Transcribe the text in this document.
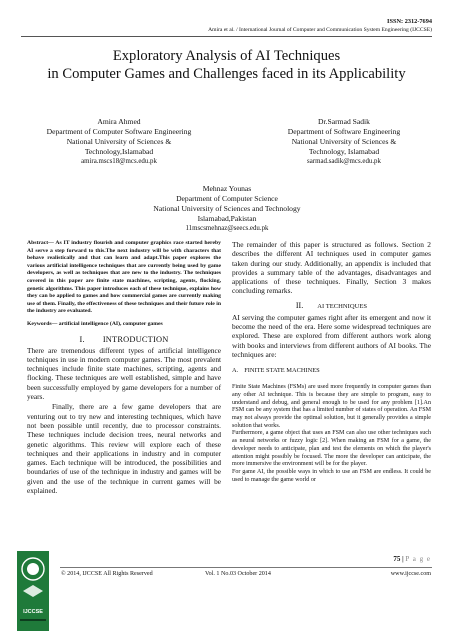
ISSN: 2312-7694
Amira et al. / International Journal of Computer and Communication System Engineering (IJCCSE)
Exploratory Analysis of AI Techniques
in Computer Games and Challenges faced in its Applicability
Amira Ahmed
Department of Computer Software Engineering
National University of Sciences &
Technology,Islamabad
amira.mscs18@mcs.edu.pk
Dr.Sarmad Sadik
Department of Software Engineering
National University of Sciences &
Technology, Islamabad
sarmad.sadik@mcs.edu.pk
Mehnaz Younas
Department of Computer Science
National University of Sciences and Technology
Islamabad,Pakistan
11mscsmehnaz@seecs.edu.pk

Abstract— As IT industry flourish and computer graphics race started hereby AI serve a step forward to this.The next industry will be with characters that behave realistically and that can learn and adapt.This paper explores the various artificial intelligence techniques that are currently being used by game developers, as well as techniques that are new to the industry. The techniques covered in this paper are finite state machines, scripting, agents, flocking, genetic algorithms. This paper introduces each of these technique, explains how they can be applied to games and how commercial games are currently making use of them. Finally, the effectiveness of these techniques and their future role in the industry are evaluated.

Keywords— artificial intelligence (AI), computer games

I. INTRODUCTION

There are tremendous different types of artificial intelligence techniques in use in modern computer games. The most prevalent techniques include finite state machines, scripting, agents and flocking. These techniques are well established, simple and have been successfully employed by game developers for a number of years.

Finally, there are a few game developers that are venturing out to try new and interesting techniques, which have not been possible until recently, due to processor constraints. These techniques include decision trees, neural networks and genetic algorithms. This review will explore each of these techniques and their applications in industry and in computer games. Each technique will be introduced, the possibilities and boundaries of use of the technique in industry and games will be given and the use of the technique in current games will be explained.

The remainder of this paper is structured as follows. Section 2 describes the different AI techniques used in computer games taken during our study. Additionally, an appendix is included that provides a summary table of the advantages, disadvantages and applications of these techniques. Finally, Section 3 makes concluding remarks.

II. AI TECHNIQUES

AI serving the computer games right after its emergent and now it become the need of the era. Here some widespread techniques are explored. These are explored from different authors work along with books and interviews from different authors of AI books. The techniques are:

A. FINITE STATE MACHINES

Finite State Machines (FSMs) are used more frequently in computer games than any other AI technique. This is because they are simple to program, easy to understand and debug, and general enough to be used for any problem [1].An FSM can be any system that has a limited number of states of operation. An FSM may not always provide the optimal solution, but it generally provides a simple solution that works.

Furthermore, a game object that uses an FSM can also use other techniques such as neural networks or fuzzy logic [2]. When making an FSM for a game, the developer needs to anticipate, plan and test the elements on which the player's attention might possibly be focused. The more the developer can anticipate, the more immersive the environment will be for the player.

For game AI, the possible ways in which to use an FSM are endless. It could be used to manage the game world or

IJCCSE
75 | P a g e
© 2014, IJCCSE All Rights Reserved	Vol. 1 No.03 October 2014	www.ijccse.com
